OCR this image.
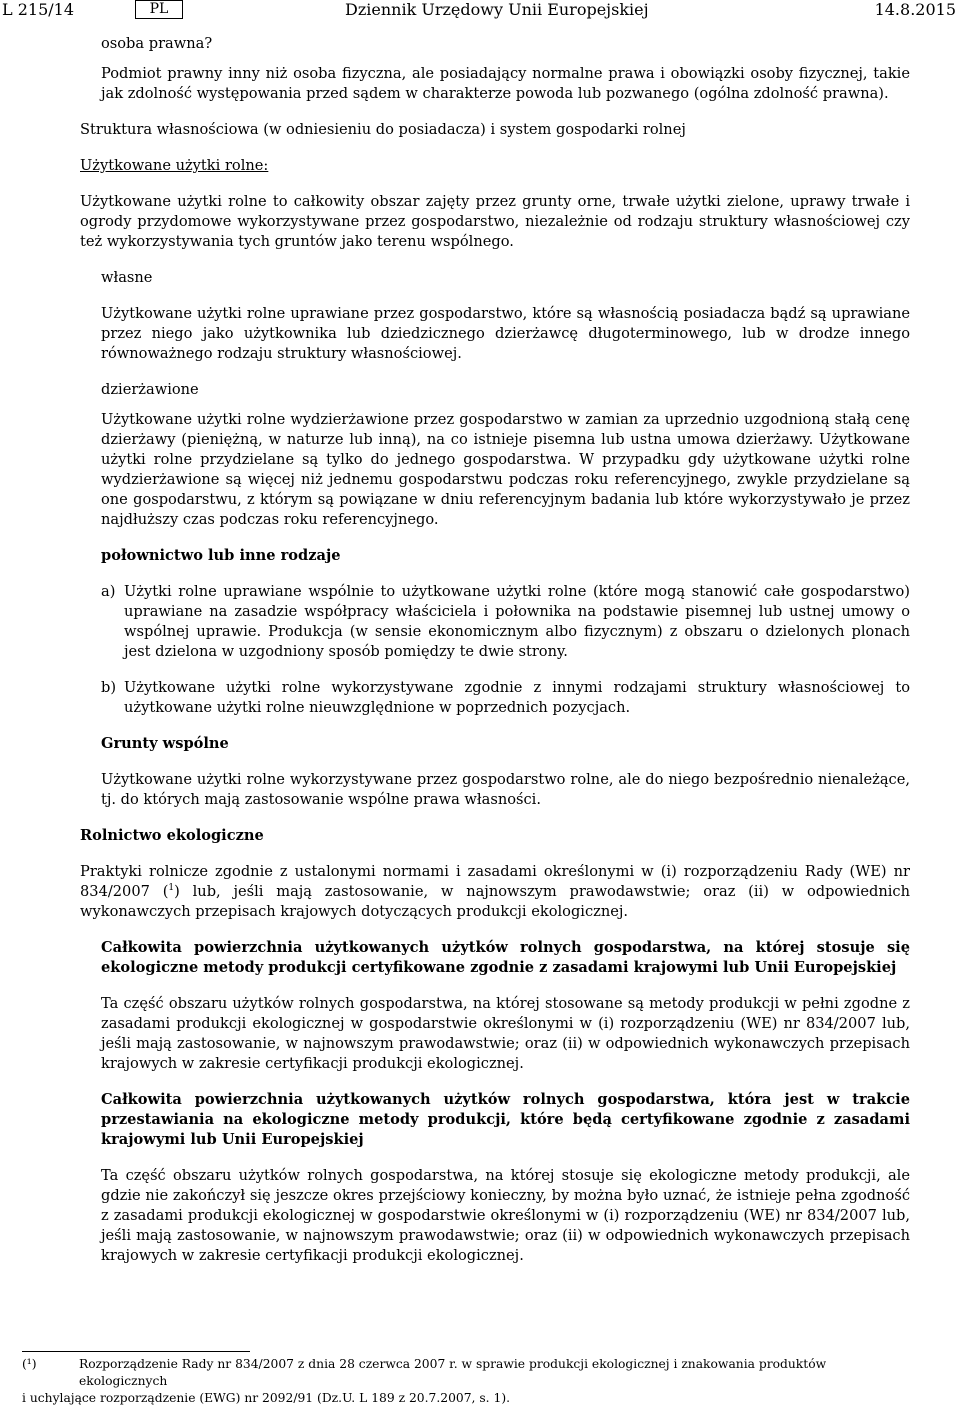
L 215/14	PL	Dziennik Urzędowy Unii Europejskiej	14.8.2015

osoba prawna?

Podmiot prawny inny niż osoba fizyczna, ale posiadający normalne prawa i obowiązki osoby fizycznej, takie jak zdolność występowania przed sądem w charakterze powoda lub pozwanego (ogólna zdolność prawna).

Struktura własnościowa (w odniesieniu do posiadacza) i system gospodarki rolnej

Użytkowane użytki rolne:

Użytkowane użytki rolne to całkowity obszar zajęty przez grunty orne, trwałe użytki zielone, uprawy trwałe i ogrody przydomowe wykorzystywane przez gospodarstwo, niezależnie od rodzaju struktury własnościowej czy też wykorzystywania tych gruntów jako terenu wspólnego.

własne

Użytkowane użytki rolne uprawiane przez gospodarstwo, które są własnością posiadacza bądź są uprawiane przez niego jako użytkownika lub dziedzicznego dzierżawcę długoterminowego, lub w drodze innego równoważnego rodzaju struktury własnościowej.

dzierżawione

Użytkowane użytki rolne wydzierżawione przez gospodarstwo w zamian za uprzednio uzgodnioną stałą cenę dzierżawy (pieniężną, w naturze lub inną), na co istnieje pisemna lub ustna umowa dzierżawy. Użytkowane użytki rolne przydzielane są tylko do jednego gospodarstwa. W przypadku gdy użytkowane użytki rolne wydzierżawione są więcej niż jednemu gospodarstwu podczas roku referencyjnego, zwykle przydzielane są one gospodarstwu, z którym są powiązane w dniu referencyjnym badania lub które wykorzystywało je przez najdłuższy czas podczas roku referencyjnego.

połownictwo lub inne rodzaje

a) Użytki rolne uprawiane wspólnie to użytkowane użytki rolne (które mogą stanowić całe gospodarstwo) uprawiane na zasadzie współpracy właściciela i połownika na podstawie pisemnej lub ustnej umowy o wspólnej uprawie. Produkcja (w sensie ekonomicznym albo fizycznym) z obszaru o dzielonych plonach jest dzielona w uzgodniony sposób pomiędzy te dwie strony.
b) Użytkowane użytki rolne wykorzystywane zgodnie z innymi rodzajami struktury własnościowej to użytkowane użytki rolne nieuwzględnione w poprzednich pozycjach.

Grunty wspólne

Użytkowane użytki rolne wykorzystywane przez gospodarstwo rolne, ale do niego bezpośrednio nienależące, tj. do których mają zastosowanie wspólne prawa własności.

Rolnictwo ekologiczne

Praktyki rolnicze zgodnie z ustalonymi normami i zasadami określonymi w (i) rozporządzeniu Rady (WE) nr 834/2007 ($^1$) lub, jeśli mają zastosowanie, w najnowszym prawodawstwie; oraz (ii) w odpowiednich wykonawczych przepisach krajowych dotyczących produkcji ekologicznej.

Całkowita powierzchnia użytkowanych użytków rolnych gospodarstwa, na której stosuje się ekologiczne metody produkcji certyfikowane zgodnie z zasadami krajowymi lub Unii Europejskiej

Ta część obszaru użytków rolnych gospodarstwa, na której stosowane są metody produkcji w pełni zgodne z zasadami produkcji ekologicznej w gospodarstwie określonymi w (i) rozporządzeniu (WE) nr 834/2007 lub, jeśli mają zastosowanie, w najnowszym prawodawstwie; oraz (ii) w odpowiednich wykonawczych przepisach krajowych w zakresie certyfikacji produkcji ekologicznej.

Całkowita powierzchnia użytkowanych użytków rolnych gospodarstwa, która jest w trakcie przestawiania na ekologiczne metody produkcji, które będą certyfikowane zgodnie z zasadami krajowymi lub Unii Europejskiej

Ta część obszaru użytków rolnych gospodarstwa, na której stosuje się ekologiczne metody produkcji, ale gdzie nie zakończył się jeszcze okres przejściowy konieczny, by można było uznać, że istnieje pełna zgodność z zasadami produkcji ekologicznej w gospodarstwie określonymi w (i) rozporządzeniu (WE) nr 834/2007 lub, jeśli mają zastosowanie, w najnowszym prawodawstwie; oraz (ii) w odpowiednich wykonawczych przepisach krajowych w zakresie certyfikacji produkcji ekologicznej.

(¹)	Rozporządzenie Rady nr 834/2007 z dnia 28 czerwca 2007 r. w sprawie produkcji ekologicznej i znakowania produktów ekologicznych
i uchylające rozporządzenie (EWG) nr 2092/91 (Dz.U. L 189 z 20.7.2007, s. 1).
